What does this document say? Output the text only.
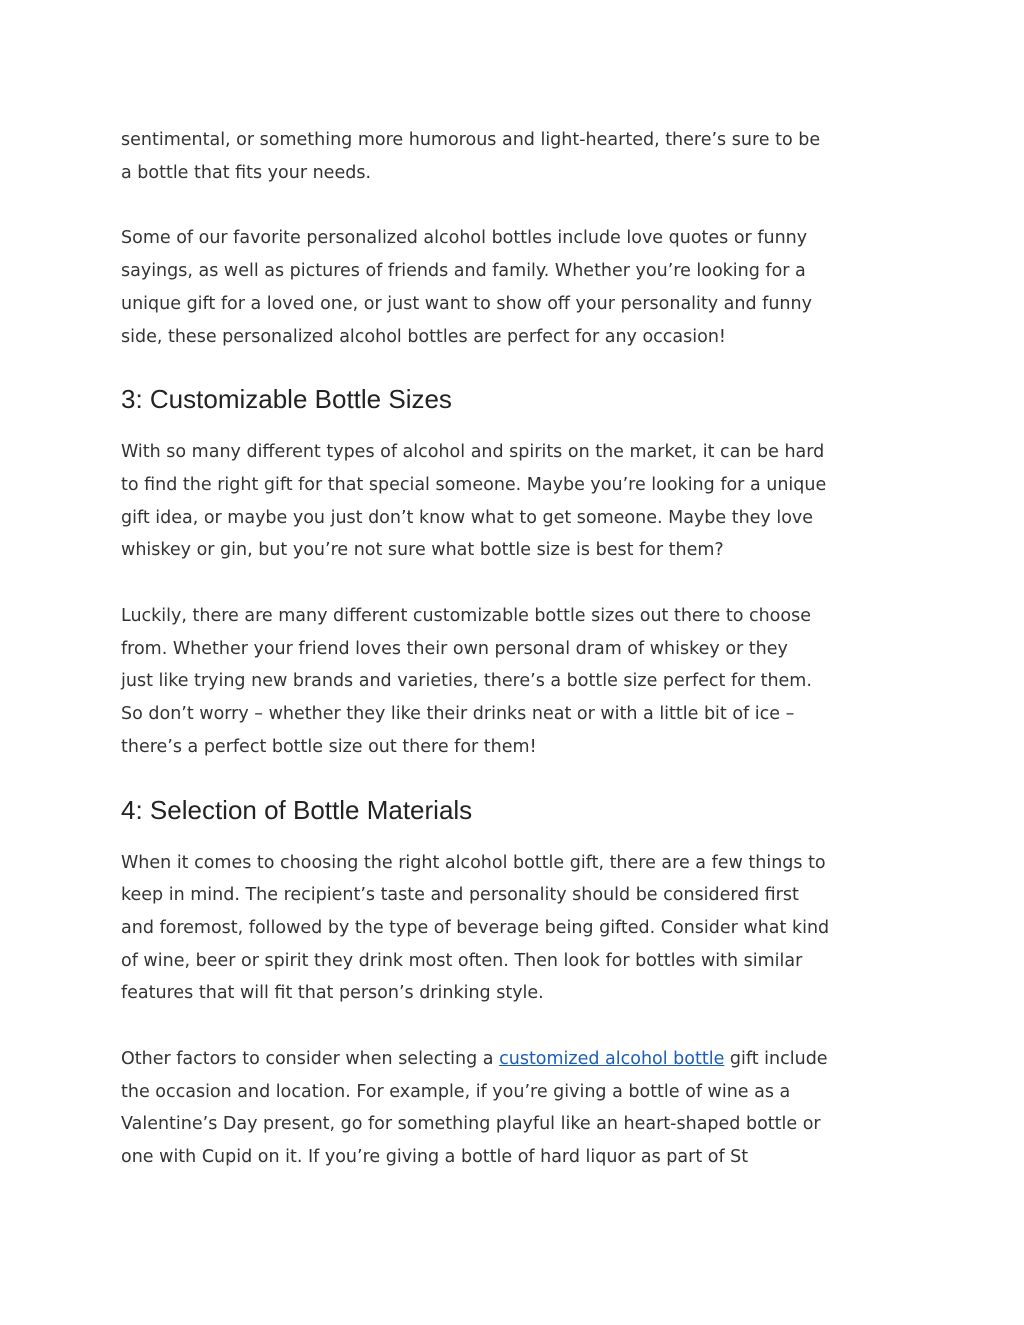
sentimental, or something more humorous and light-hearted, there’s sure to be
a bottle that fits your needs.

Some of our favorite personalized alcohol bottles include love quotes or funny
sayings, as well as pictures of friends and family. Whether you’re looking for a
unique gift for a loved one, or just want to show off your personality and funny
side, these personalized alcohol bottles are perfect for any occasion!

3: Customizable Bottle Sizes

With so many different types of alcohol and spirits on the market, it can be hard
to find the right gift for that special someone. Maybe you’re looking for a unique
gift idea, or maybe you just don’t know what to get someone. Maybe they love
whiskey or gin, but you’re not sure what bottle size is best for them?

Luckily, there are many different customizable bottle sizes out there to choose
from. Whether your friend loves their own personal dram of whiskey or they
just like trying new brands and varieties, there’s a bottle size perfect for them.
So don’t worry – whether they like their drinks neat or with a little bit of ice –
there’s a perfect bottle size out there for them!

4: Selection of Bottle Materials

When it comes to choosing the right alcohol bottle gift, there are a few things to
keep in mind. The recipient’s taste and personality should be considered first
and foremost, followed by the type of beverage being gifted. Consider what kind
of wine, beer or spirit they drink most often. Then look for bottles with similar
features that will fit that person’s drinking style.

Other factors to consider when selecting a customized alcohol bottle gift include
the occasion and location. For example, if you’re giving a bottle of wine as a
Valentine’s Day present, go for something playful like an heart-shaped bottle or
one with Cupid on it. If you’re giving a bottle of hard liquor as part of St
